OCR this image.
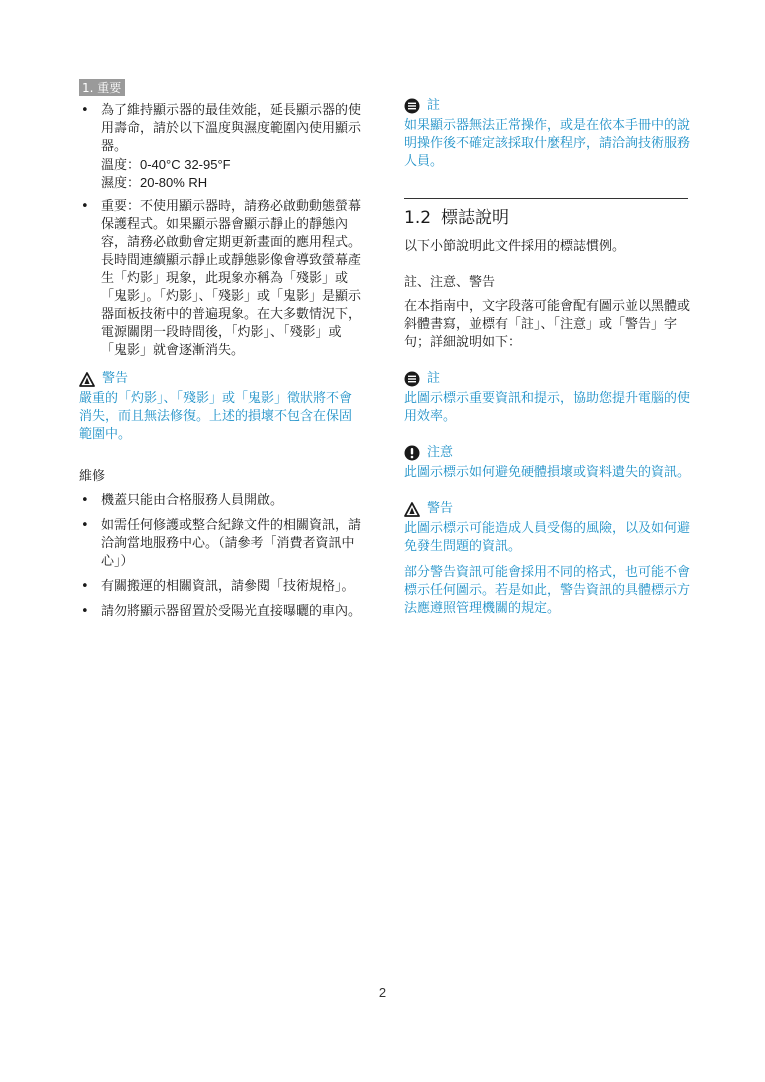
1. 重要
• 為了維持顯示器的最佳效能，延長顯示器的使用壽命，請於以下溫度與濕度範圍內使用顯示器。
溫度：0-40°C 32-95°F
濕度：20-80% RH
• 重要：不使用顯示器時，請務必啟動動態螢幕保護程式。如果顯示器會顯示靜止的靜態內容，請務必啟動會定期更新畫面的應用程式。長時間連續顯示靜止或靜態影像會導致螢幕產生「灼影」現象，此現象亦稱為「殘影」或「鬼影」。「灼影」、「殘影」或「鬼影」是顯示器面板技術中的普遍現象。在大多數情況下，電源關閉一段時間後，「灼影」、「殘影」或「鬼影」就會逐漸消失。
警告
嚴重的「灼影」、「殘影」或「鬼影」徵狀將不會消失，而且無法修復。上述的損壞不包含在保固範圍中。
維修
• 機蓋只能由合格服務人員開啟。
• 如需任何修護或整合紀錄文件的相關資訊，請洽詢當地服務中心。（請參考「消費者資訊中心」）
• 有關搬運的相關資訊，請參閱「技術規格」。
• 請勿將顯示器留置於受陽光直接曝曬的車內。
註
如果顯示器無法正常操作，或是在依本手冊中的說明操作後不確定該採取什麼程序，請洽詢技術服務人員。
1.2 標誌說明
以下小節說明此文件採用的標誌慣例。
註、注意、警告
在本指南中，文字段落可能會配有圖示並以黑體或斜體書寫，並標有「註」、「注意」或「警告」字句；詳細說明如下：
註
此圖示標示重要資訊和提示，協助您提升電腦的使用效率。
注意
此圖示標示如何避免硬體損壞或資料遺失的資訊。
警告
此圖示標示可能造成人員受傷的風險，以及如何避免發生問題的資訊。
部分警告資訊可能會採用不同的格式，也可能不會標示任何圖示。若是如此，警告資訊的具體標示方法應遵照管理機關的規定。
2
